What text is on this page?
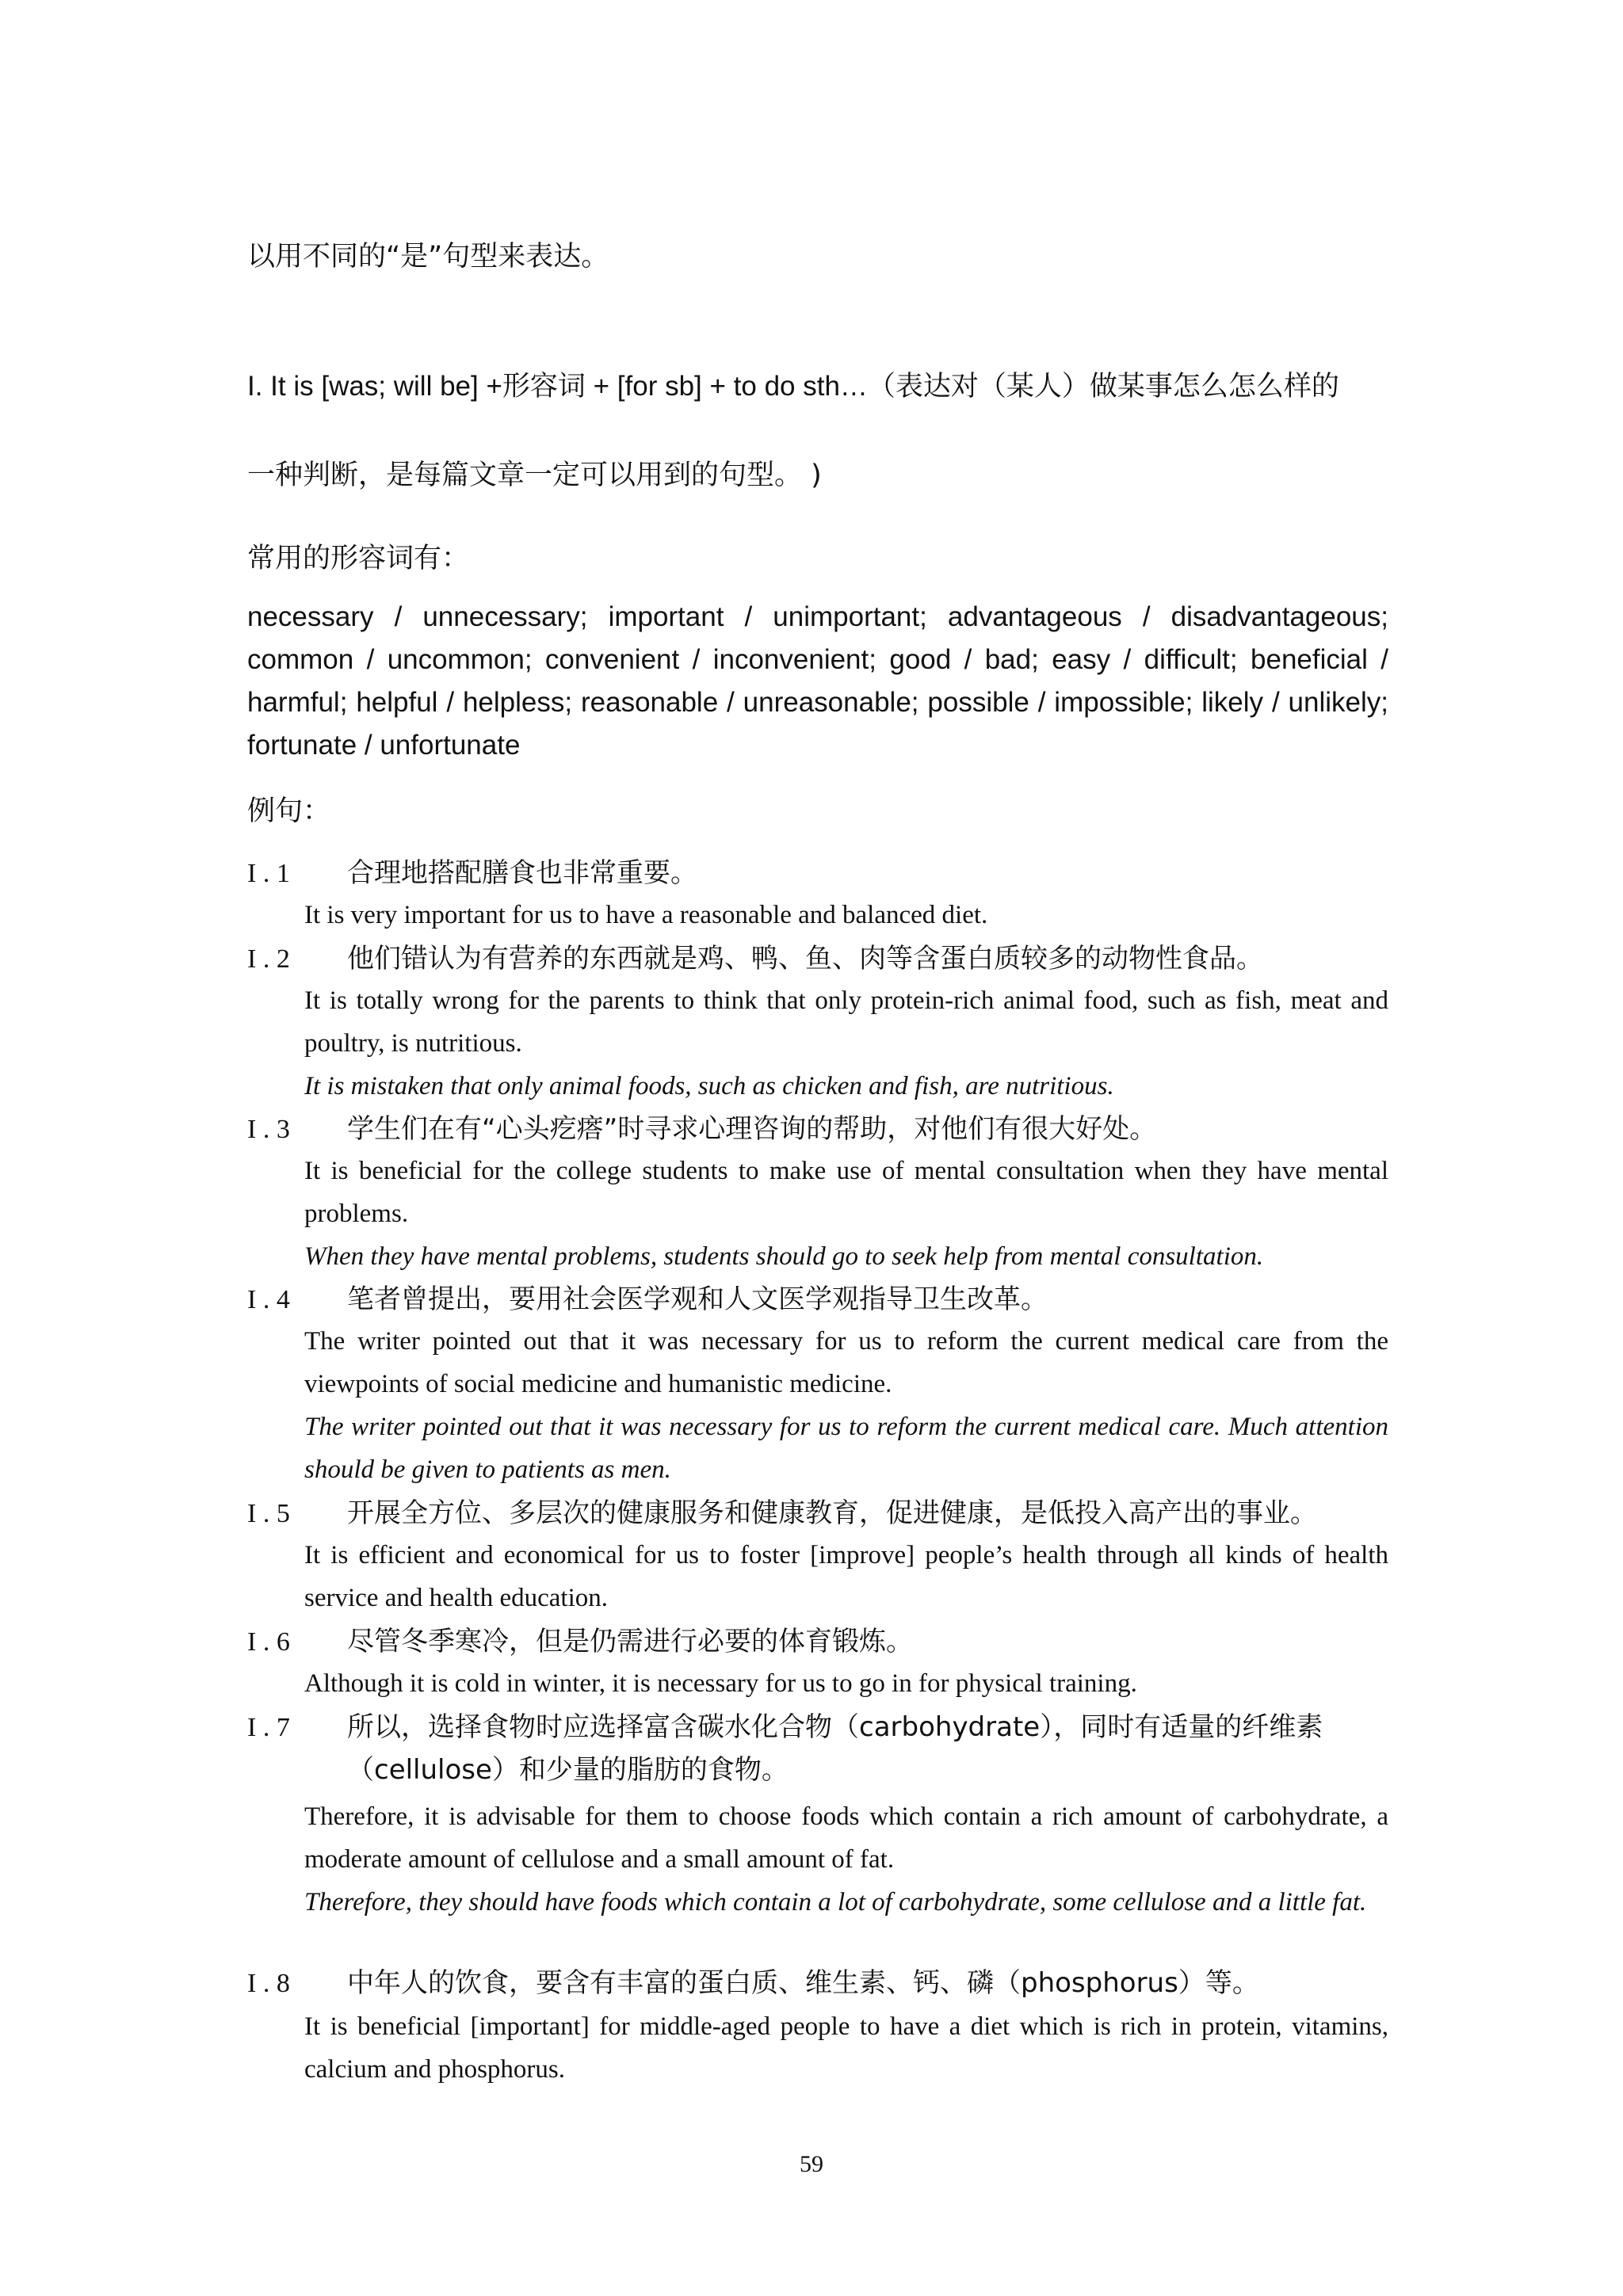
以用不同的“是”句型来表达。
I. It is [was; will be] +形容词 + [for sb] + to do sth…（表达对（某人）做某事怎么怎么样的
一种判断，是每篇文章一定可以用到的句型。 )
常用的形容词有：
necessary / unnecessary; important / unimportant; advantageous / disadvantageous; common / uncommon; convenient / inconvenient; good / bad; easy / difficult; beneficial / harmful; helpful / helpless; reasonable / unreasonable; possible / impossible; likely / unlikely; fortunate / unfortunate
例句：
I . 1 合理地搭配膳食也非常重要。
It is very important for us to have a reasonable and balanced diet.
I . 2 他们错认为有营养的东西就是鸡、鸭、鱼、肉等含蛋白质较多的动物性食品。
It is totally wrong for the parents to think that only protein-rich animal food, such as fish, meat and poultry, is nutritious.
It is mistaken that only animal foods, such as chicken and fish, are nutritious.
I . 3 学生们在有“心头疙瘩”时寻求心理咨询的帮助，对他们有很大好处。
It is beneficial for the college students to make use of mental consultation when they have mental problems.
When they have mental problems, students should go to seek help from mental consultation.
I . 4 笔者曾提出，要用社会医学观和人文医学观指导卫生改革。
The writer pointed out that it was necessary for us to reform the current medical care from the viewpoints of social medicine and humanistic medicine.
The writer pointed out that it was necessary for us to reform the current medical care. Much attention should be given to patients as men.
I . 5 开展全方位、多层次的健康服务和健康教育，促进健康，是低投入高产出的事业。
It is efficient and economical for us to foster [improve] people’s health through all kinds of health service and health education.
I . 6 尽管冬季寒冷，但是仍需进行必要的体育锻炼。
Although it is cold in winter, it is necessary for us to go in for physical training.
I . 7 所以，选择食物时应选择富含碳水化合物（carbohydrate），同时有适量的纤维素
（cellulose）和少量的脂肪的食物。
Therefore, it is advisable for them to choose foods which contain a rich amount of carbohydrate, a moderate amount of cellulose and a small amount of fat.
Therefore, they should have foods which contain a lot of carbohydrate, some cellulose and a little fat.
I . 8 中年人的饮食，要含有丰富的蛋白质、维生素、钙、磷（phosphorus）等。
It is beneficial [important] for middle-aged people to have a diet which is rich in protein, vitamins, calcium and phosphorus.
59
